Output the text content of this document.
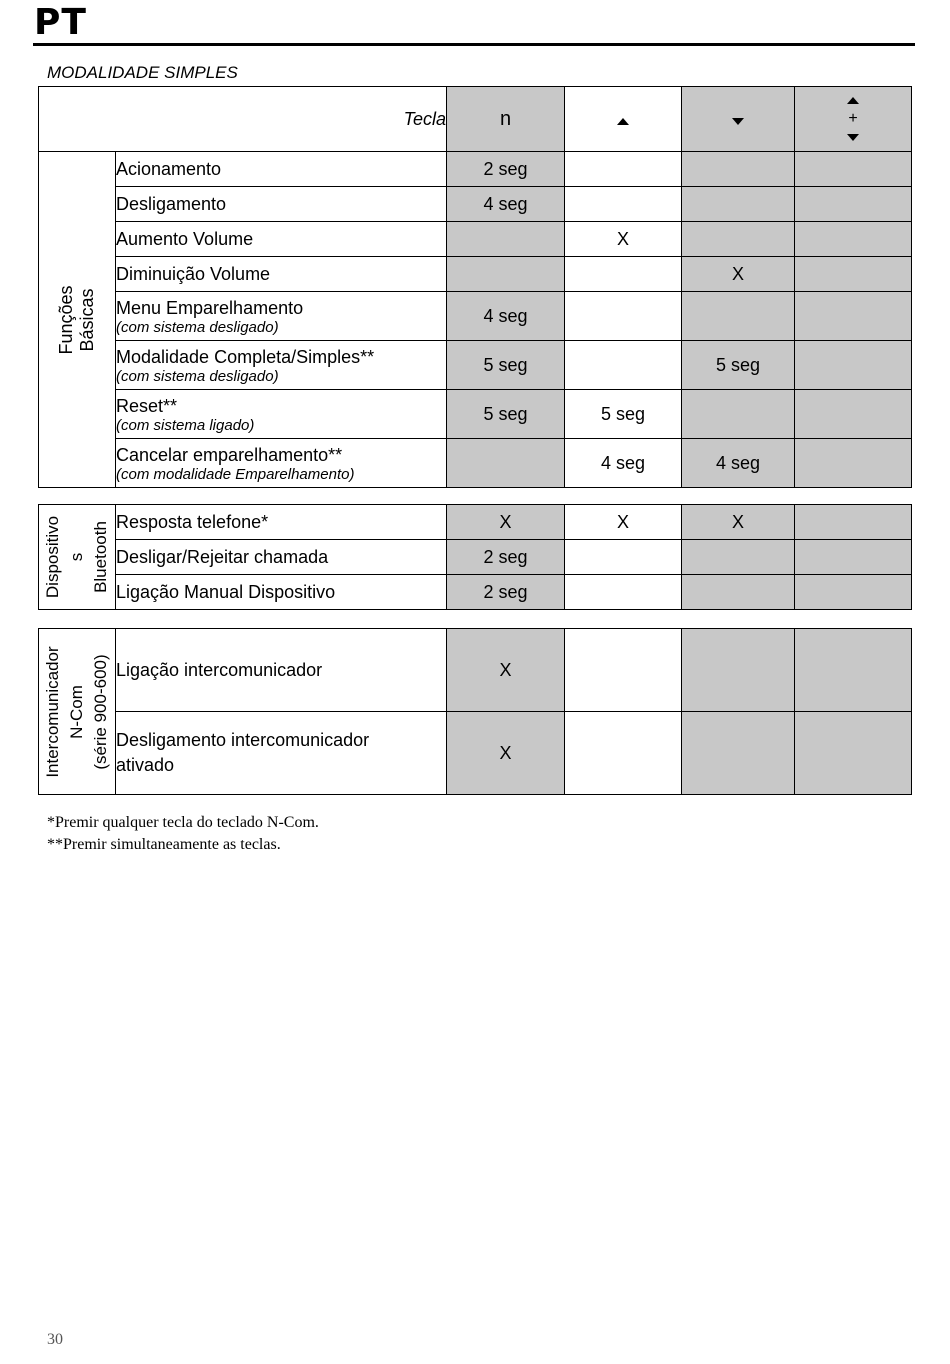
PT
MODALIDADE SIMPLES
Tecla		n			+

Funções
Básicas	Acionamento	2 seg			
	Desligamento	4 seg			
	Aumento Volume		X		
	Diminuição Volume			X	
	Menu Emparelhamento
(com sistema desligado)	4 seg			
	Modalidade Completa/Simples**
(com sistema desligado)	5 seg		5 seg	
	Reset**
(com sistema ligado)	5 seg	5 seg		
	Cancelar emparelhamento**
(com modalidade Emparelhamento)		4 seg	4 seg	
Dispositivo
s
Bluetooth	Resposta telefone*	X	X	X	
	Desligar/Rejeitar chamada	2 seg			
	Ligação Manual Dispositivo	2 seg			
Intercomunicador
N-Com
(série 900-600)	Ligação intercomunicador	X			
	Desligamento intercomunicador
ativado	X			
*Premir qualquer tecla do teclado N-Com.
**Premir simultaneamente as teclas.
30
